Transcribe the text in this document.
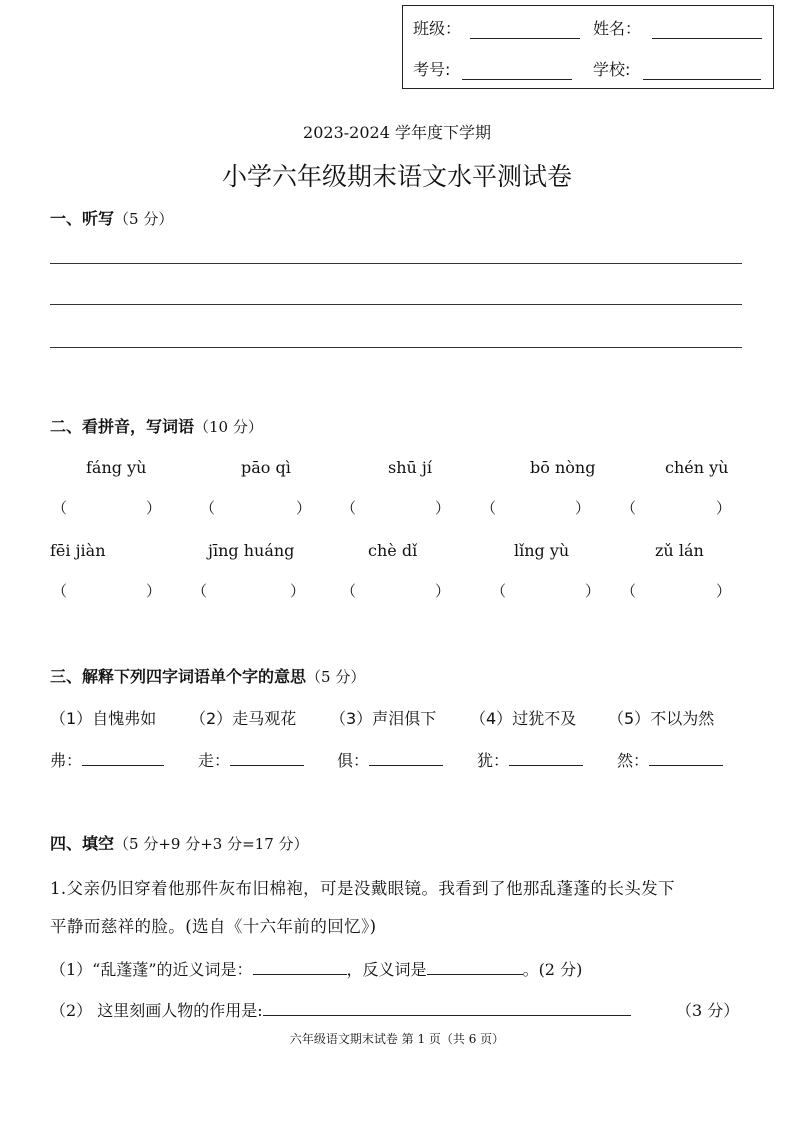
班级：	姓名：
考号:	学校:
2023-2024 学年度下学期
小学六年级期末语文水平测试卷
一、听写（5 分）
二、看拼音，写词语（10 分）
fáng yù	pāo qì	shū jí	bō nòng	chén yù
（	）	（	） （	） （	） （	）
fēi jiàn	jīng huáng	chè dǐ	lǐng yù	zǔ lán
（	） （	） （	）	（	） （	）
三、解释下列四字词语单个字的意思（5 分）
（1）自愧弗如 （2）走马观花 （3）声泪俱下 （4）过犹不及 （5）不以为然
弗：	走：	俱：	犹：	然：
四、填空（5 分+9 分+3 分=17 分）
1.父亲仍旧穿着他那件灰布旧棉袍，可是没戴眼镜。我看到了他那乱蓬蓬的长头发下
平静而慈祥的脸。(选自《十六年前的回忆》)
（1）“乱蓬蓬”的近义词是：	，反义词是	。(2 分)
（2） 这里刻画人物的作用是:	（3 分）
六年级语文期末试卷 第 1 页（共 6 页）
